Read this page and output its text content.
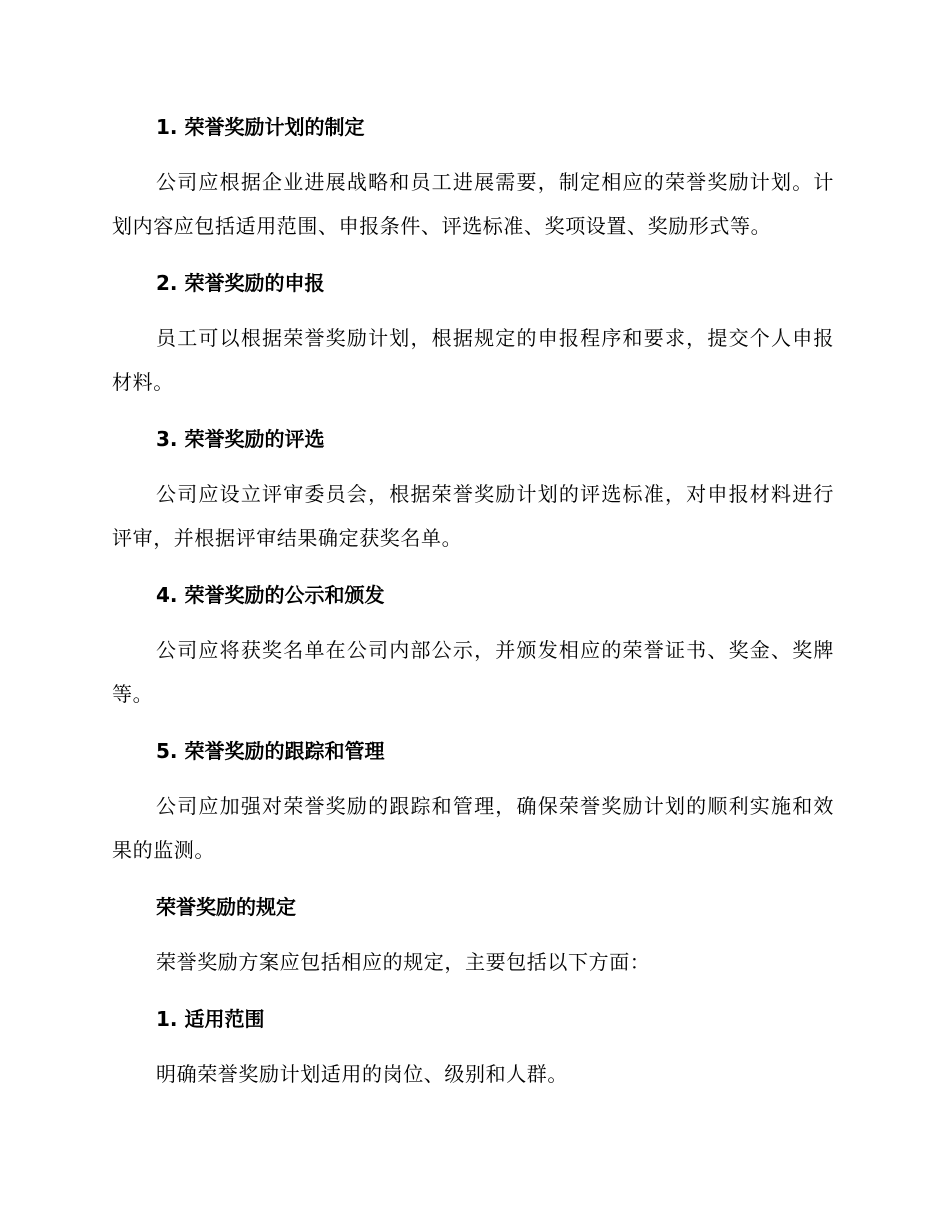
1. 荣誉奖励计划的制定
公司应根据企业进展战略和员工进展需要，制定相应的荣誉奖励计划。计划内容应包括适用范围、申报条件、评选标准、奖项设置、奖励形式等。
2. 荣誉奖励的申报
员工可以根据荣誉奖励计划，根据规定的申报程序和要求，提交个人申报材料。
3. 荣誉奖励的评选
公司应设立评审委员会，根据荣誉奖励计划的评选标准，对申报材料进行评审，并根据评审结果确定获奖名单。
4. 荣誉奖励的公示和颁发
公司应将获奖名单在公司内部公示，并颁发相应的荣誉证书、奖金、奖牌等。
5. 荣誉奖励的跟踪和管理
公司应加强对荣誉奖励的跟踪和管理，确保荣誉奖励计划的顺利实施和效果的监测。
荣誉奖励的规定
荣誉奖励方案应包括相应的规定，主要包括以下方面：
1. 适用范围
明确荣誉奖励计划适用的岗位、级别和人群。
